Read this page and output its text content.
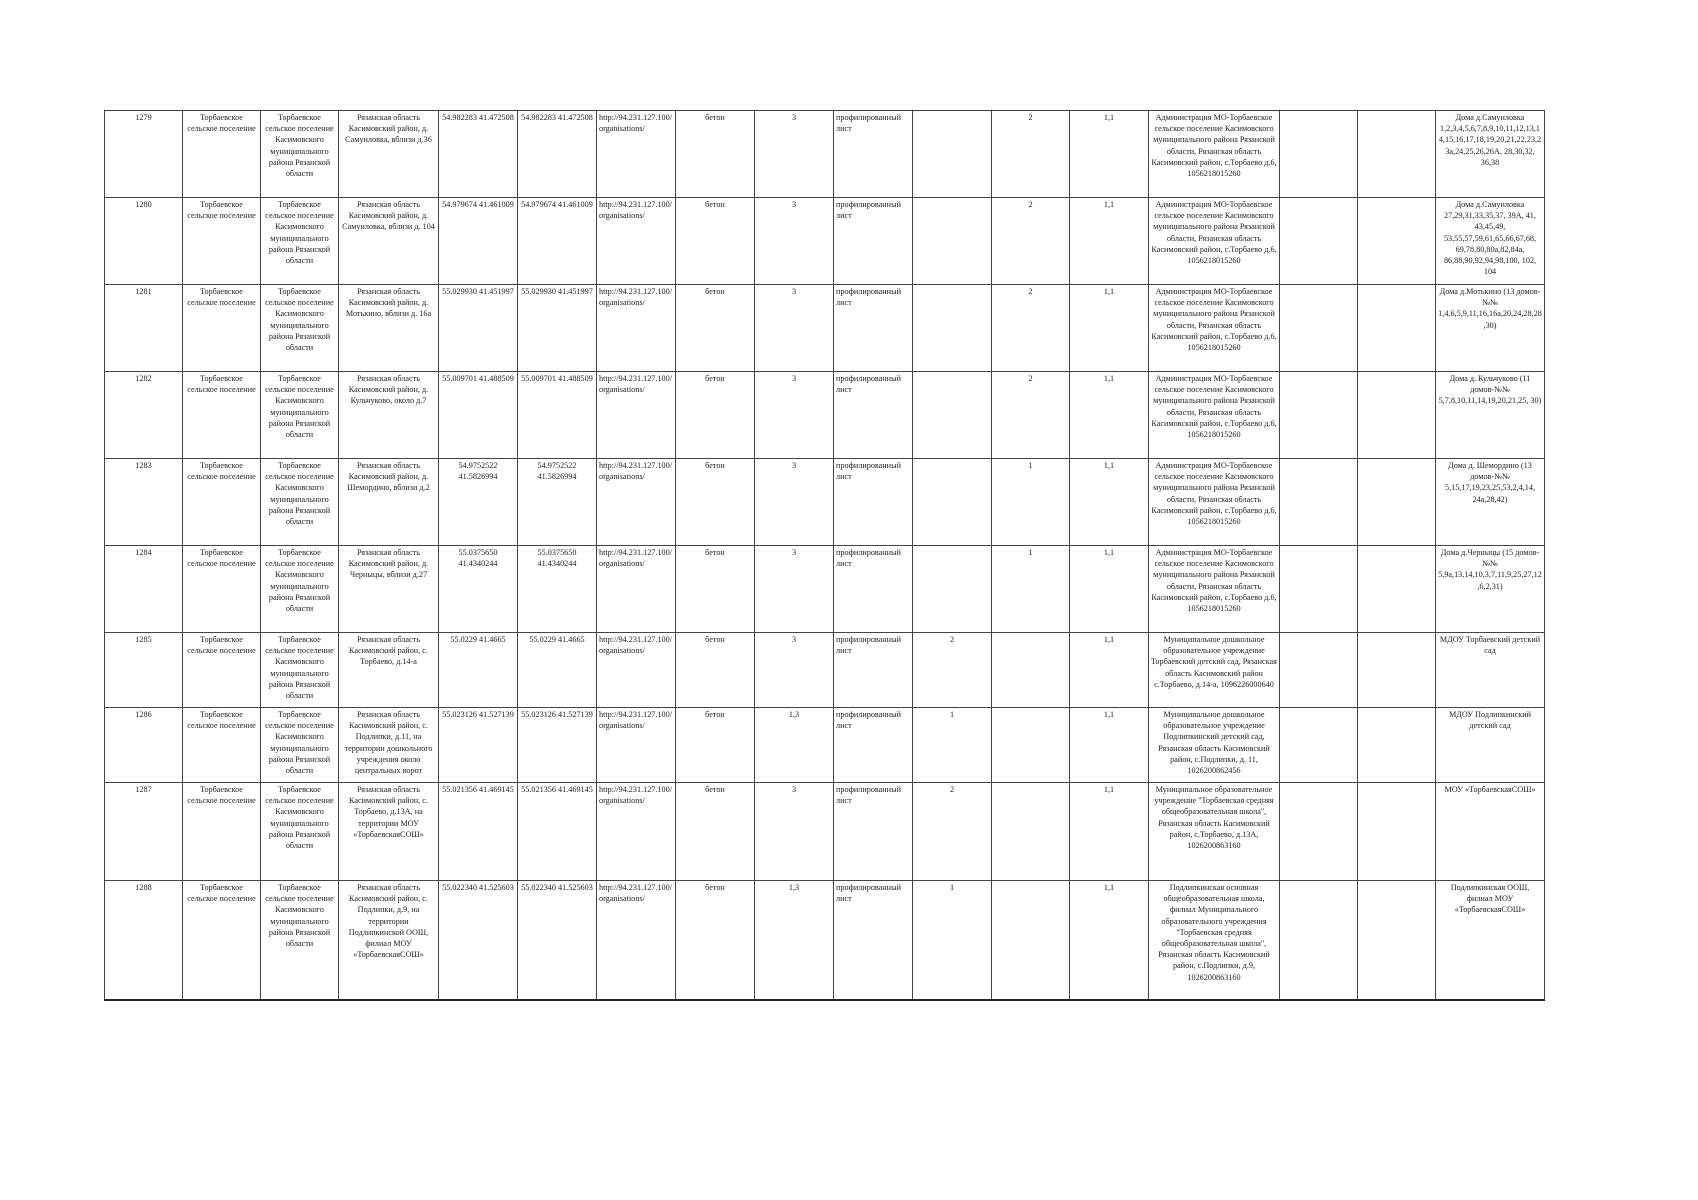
1279	Торбаевское сельское поселение	Торбаевское сельское поселение Касимовского муниципального района Рязанской области	Рязанская область Касимовский район, д. Самуиловка, вблизи д.36	54.982283 41.472508	54.982283 41.472508	http://94.231.127.100/organisations/	бетон	3	профилированный лист		2	1,1	Администрация МО-Торбаевское сельское поселение Касимовского муниципального района Рязанской области, Рязанская область Касимовский район, с.Торбаево д.6, 1056218015260			Дома д.Самуиловка 1,2,3,4,5,6,7,8,9,10,11,12,13,14,15,16,17,18,19,20,21,22,23,23а,24,25,26,26А, 28,30,32, 36,38

1280	Торбаевское сельское поселение	Торбаевское сельское поселение Касимовского муниципального района Рязанской области	Рязанская область Касимовский район, д. Самуиловка, вблизи д. 104	54.979674 41.461009	54.979674 41.461009	http://94.231.127.100/organisations/	бетон	3	профилированный лист		2	1,1	Администрация МО-Торбаевское сельское поселение Касимовского муниципального района Рязанской области, Рязанская область Касимовский район, с.Торбаево д.6, 1056218015260			Дома д.Самуиловка 27,29,31,33,35,37, 39А, 41, 43,45,49, 53,55,57,59,61,65,66,67,68, 69,78,80,80а,82,84а, 86,88,90,92,94,98,100, 102, 104

1281	Торбаевское сельское поселение	Торбаевское сельское поселение Касимовского муниципального района Рязанской области	Рязанская область Касимовский район, д. Мотькино, вблизи д. 16а	55.029930 41.451997	55.029930 41.451997	http://94.231.127.100/organisations/	бетон	3	профилированный лист		2	1,1	Администрация МО-Торбаевское сельское поселение Касимовского муниципального района Рязанской области, Рязанская область Касимовский район, с.Торбаево д.6, 1056218015260			Дома д.Мотькино (13 домов-№№ 1,4,6,5,9,11,16,16а,20,24,28,28,30)

1282	Торбаевское сельское поселение	Торбаевское сельское поселение Касимовского муниципального района Рязанской области	Рязанская область Касимовский район, д. Кульчуково, около д.7	55.009701 41.488509	55.009701 41.488509	http://94.231.127.100/organisations/	бетон	3	профилированный лист		2	1,1	Администрация МО-Торбаевское сельское поселение Касимовского муниципального района Рязанской области, Рязанская область Касимовский район, с.Торбаево д.6, 1056218015260			Дома д. Кульчуково (11 домов-№№ 5,7,8,10,11,14,19,20,21,25, 30)

1283	Торбаевское сельское поселение	Торбаевское сельское поселение Касимовского муниципального района Рязанской области	Рязанская область Касимовский район, д. Шемордино, вблизи д.2	54.9752522 41.5826994	54.9752522 41.5826994	http://94.231.127.100/organisations/	бетон	3	профилированный лист		1	1,1	Администрация МО-Торбаевское сельское поселение Касимовского муниципального района Рязанской области, Рязанская область Касимовский район, с.Торбаево д.6, 1056218015260			Дома д. Шемордино (13 домов-№№ 5,15,17,19,23,25,53,2,4,14, 24а,28,42)

1284	Торбаевское сельское поселение	Торбаевское сельское поселение Касимовского муниципального района Рязанской области	Рязанская область Касимовский район, д. Черныцы, вблизи д.27	55.0375650 41.4340244	55.0375650 41.4340244	http://94.231.127.100/organisations/	бетон	3	профилированный лист		1	1,1	Администрация МО-Торбаевское сельское поселение Касимовского муниципального района Рязанской области, Рязанская область Касимовский район, с.Торбаево д.6, 1056218015260			Дома д.Черныцы (15 домов-№№ 5,9а,13,14,10,3,7,11,9,25,27,12,6,2,31)

1285	Торбаевское сельское поселение	Торбаевское сельское поселение Касимовского муниципального района Рязанской области	Рязанская область Касимовский район, с. Торбаево, д.14-а	55.0229 41.4665	55.0229 41.4665	http://94.231.127.100/organisations/	бетон	3	профилированный лист	2		1,1	Муниципальное дошкольное образовательное учреждение Торбаевский детский сад, Рязанская область Касимовский район с.Торбаево, д.14-а, 1096226000640			МДОУ Торбаевский детский сад

1286	Торбаевское сельское поселение	Торбаевское сельское поселение Касимовского муниципального района Рязанской области	Рязанская область Касимовский район, с. Подлипки, д.11, на территории дошкольного учреждения около центральных ворот	55.023126 41.527139	55.023126 41.527139	http://94.231.127.100/organisations/	бетон	1,3	профилированный лист	1		1,1	Муниципальное дошкольное образовательное учреждение Подлипкинский детский сад, Рязанская область Касимовский район, с.Подлипки, д. 11, 1026200862456			МДОУ Подлипкинский детский сад

1287	Торбаевское сельское поселение	Торбаевское сельское поселение Касимовского муниципального района Рязанской области	Рязанская область Касимовский район, с. Торбаево, д.13А, на территории МОУ «ТорбаевскаяСОШ»	55.021356 41.469145	55.021356 41.469145	http://94.231.127.100/organisations/	бетон	3	профилированный лист	2		1,1	Муниципальное образовательное учреждение "Торбаевская средняя общеобразовательная школа", Рязанская область Касимовский район, с.Торбаево, д.13А, 1026200863160			МОУ «ТорбаевскаяСОШ»

1288	Торбаевское сельское поселение	Торбаевское сельское поселение Касимовского муниципального района Рязанской области	Рязанская область Касимовский район, с. Подлипки, д.9, на территории Подлипкинской ООШ, филиал МОУ «ТорбаевскаяСОШ»	55.022340 41.525603	55.022340 41.525603	http://94.231.127.100/organisations/	бетон	1,3	профилированный лист	1		1,1	Подлипкинская основная общеобразовательная школа, филиал Муниципального образовательного учреждения "Торбаевская средняя общеобразовательная школа", Рязанская область Касимовский район, с.Подлипки, д.9, 1026200863160			Подлипкинская ООШ, филиал МОУ «ТорбаевскаяСОШ»
